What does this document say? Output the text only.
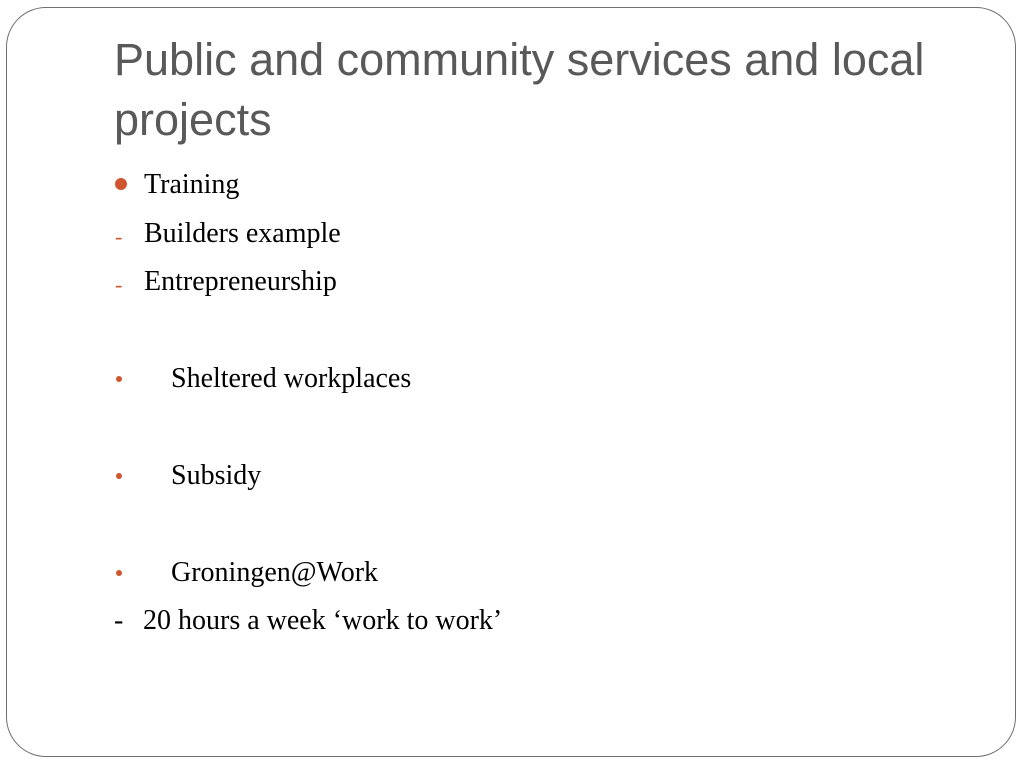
Public and community services and local projects
Training
- Builders example
- Entrepreneurship
Sheltered workplaces
Subsidy
Groningen@Work
- 20 hours a week ‘work to work’
